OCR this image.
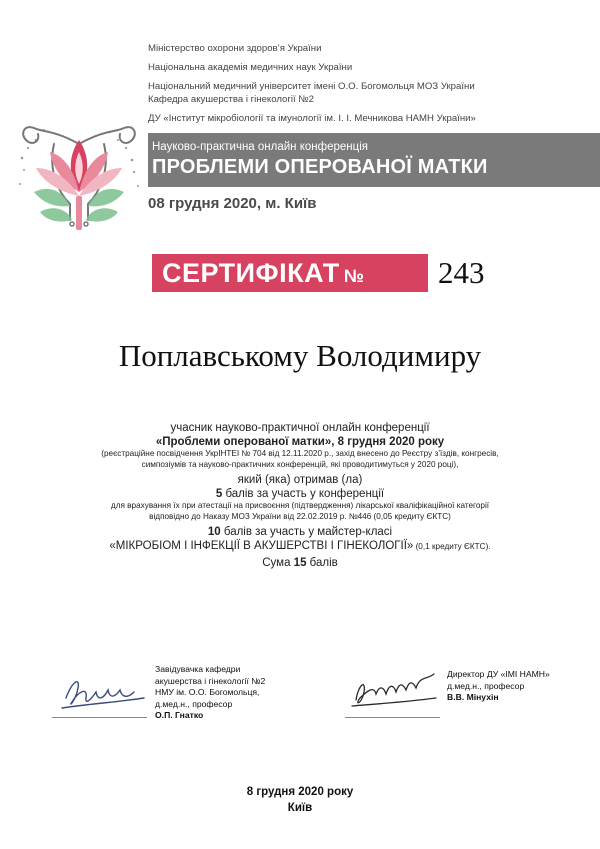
Міністерство охорони здоров’я України
Національна академія медичних наук України
Національний медичний університет імені О.О. Богомольця МОЗ України
Кафедра акушерства і гінекології №2
ДУ «Інститут мікробіології та імунології ім. І. І. Мечникова НАМН України»
Науково-практична онлайн конференція
ПРОБЛЕМИ ОПЕРОВАНОЇ МАТКИ
08 грудня 2020, м. Київ
СЕРТИФІКАТ №	243
Поплавському Володимиру
учасник науково-практичної онлайн конференції
«Проблеми оперованої матки», 8 грудня 2020 року
(реєстраційне посвідчення УкрІНТЕІ № 704 від 12.11.2020 р., захід внесено до Реєстру з’їздів, конгресів,
симпозіумів та науково-практичних конференцій, які проводитимуться у 2020 році),
який (яка) отримав (ла)
5 балів за участь у конференції
для врахування їх при атестації на присвоєння (підтвердження) лікарської кваліфікаційної категорії
відповідно до Наказу МОЗ України від 22.02.2019 р. №446 (0,05 кредиту ЄКТС)
10 балів за участь у майстер-класі
«МІКРОБІОМ І ІНФЕКЦІЇ В АКУШЕРСТВІ І ГІНЕКОЛОГІЇ» (0,1 кредиту ЄКТС).
Сума 15 балів
Завідувачка кафедри
акушерства і гінекології №2
НМУ ім. О.О. Богомольця,
д.мед.н., професор
О.П. Гнатко
Директор ДУ «ІМІ НАМН»
д.мед.н., професор
В.В. Мінухін
8 грудня 2020 року
Київ
